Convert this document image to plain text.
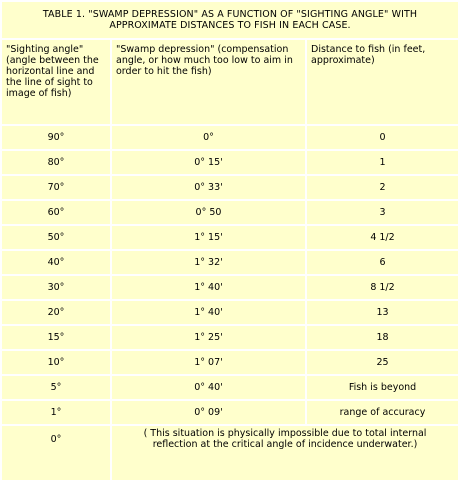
TABLE 1. "SWAMP DEPRESSION" AS A FUNCTION OF "SIGHTING ANGLE" WITH
APPROXIMATE DISTANCES TO FISH IN EACH CASE.		

"Sighting angle" (angle between the horizontal line and the line of sight to image of fish)	"Swamp depression" (compensation angle, or how much too low to aim in order to hit the fish)	Distance to fish (in feet, approximate)

90°	0°	0
80°	0° 15'	1
70°	0° 33'	2
60°	0° 50	3
50°	1° 15'	4 1/2
40°	1° 32'	6
30°	1° 40'	8 1/2
20°	1° 40'	13
15°	1° 25'	18
10°	1° 07'	25
5°	0° 40'	Fish is beyond
1°	0° 09'	range of accuracy
0°	( This situation is physically impossible due to total internal reflection at the critical angle of incidence underwater.)	
